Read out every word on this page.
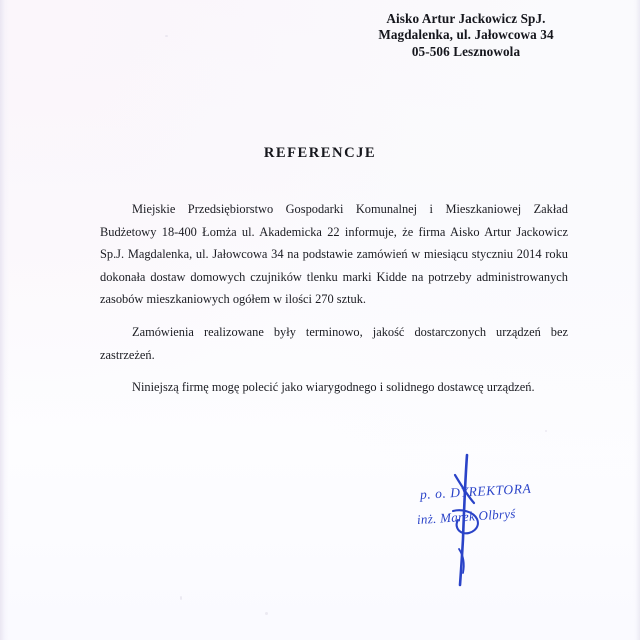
Aisko Artur Jackowicz SpJ.
Magdalenka, ul. Jałowcowa 34
05-506 Lesznowola
REFERENCJE

Miejskie Przedsiębiorstwo Gospodarki Komunalnej i Mieszkaniowej Zakład Budżetowy 18-400 Łomża ul. Akademicka 22 informuje, że firma Aisko Artur Jackowicz Sp.J. Magdalenka, ul. Jałowcowa 34 na podstawie zamówień w miesiącu styczniu 2014 roku dokonała dostaw domowych czujników tlenku marki Kidde na potrzeby administrowanych zasobów mieszkaniowych ogółem w ilości 270 sztuk.

Zamówienia realizowane były terminowo, jakość dostarczonych urządzeń bez zastrzeżeń.

Niniejszą firmę mogę polecić jako wiarygodnego i solidnego dostawcę urządzeń.

p. o. DYREKTORA
inż. Marek Olbryś
